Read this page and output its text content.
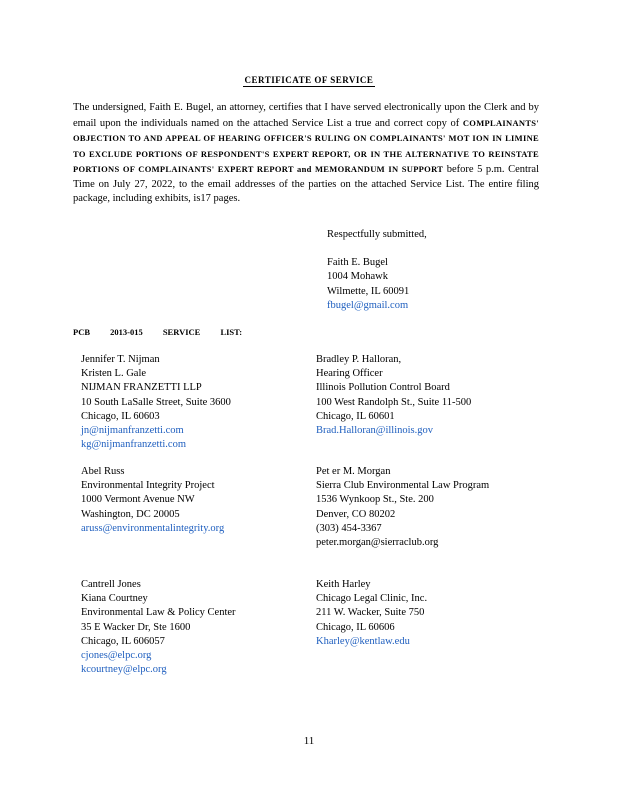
CERTIFICATE OF SERVICE
The undersigned, Faith E. Bugel, an attorney, certifies that I have served electronically upon the Clerk and by email upon the individuals named on the attached Service List a true and correct copy of COMPLAINANTS' OBJECTION TO AND APPEAL OF HEARING OFFICER'S RULING ON COMPLAINANTS' MOT ION IN LIMINE TO EXCLUDE PORTIONS OF RESPONDENT'S EXPERT REPORT, OR IN THE ALTERNATIVE TO REINSTATE PORTIONS OF COMPLAINANTS' EXPERT REPORT and MEMORANDUM IN SUPPORT before 5 p.m. Central Time on July 27, 2022, to the email addresses of the parties on the attached Service List. The entire filing package, including exhibits, is17 pages.
Respectfully submitted,
Faith E. Bugel
1004 Mohawk
Wilmette, IL 60091
fbugel@gmail.com
PCB 2013-015 SERVICE LIST:
Jennifer T. Nijman
Kristen L. Gale
NIJMAN FRANZETTI LLP
10 South LaSalle Street, Suite 3600
Chicago, IL 60603
jn@nijmanfranzetti.com
kg@nijmanfranzetti.com
Bradley P. Halloran,
Hearing Officer
Illinois Pollution Control Board
100 West Randolph St., Suite 11-500
Chicago, IL 60601
Brad.Halloran@illinois.gov
Abel Russ
Environmental Integrity Project
1000 Vermont Avenue NW
Washington, DC 20005
aruss@environmentalintegrity.org
Pet er M. Morgan
Sierra Club Environmental Law Program
1536 Wynkoop St., Ste. 200
Denver, CO 80202
(303) 454-3367
peter.morgan@sierraclub.org
Cantrell Jones
Kiana Courtney
Environmental Law & Policy Center
35 E Wacker Dr, Ste 1600
Chicago, IL 606057
cjones@elpc.org
kcourtney@elpc.org
Keith Harley
Chicago Legal Clinic, Inc.
211 W. Wacker, Suite 750
Chicago, IL 60606
Kharley@kentlaw.edu
11
